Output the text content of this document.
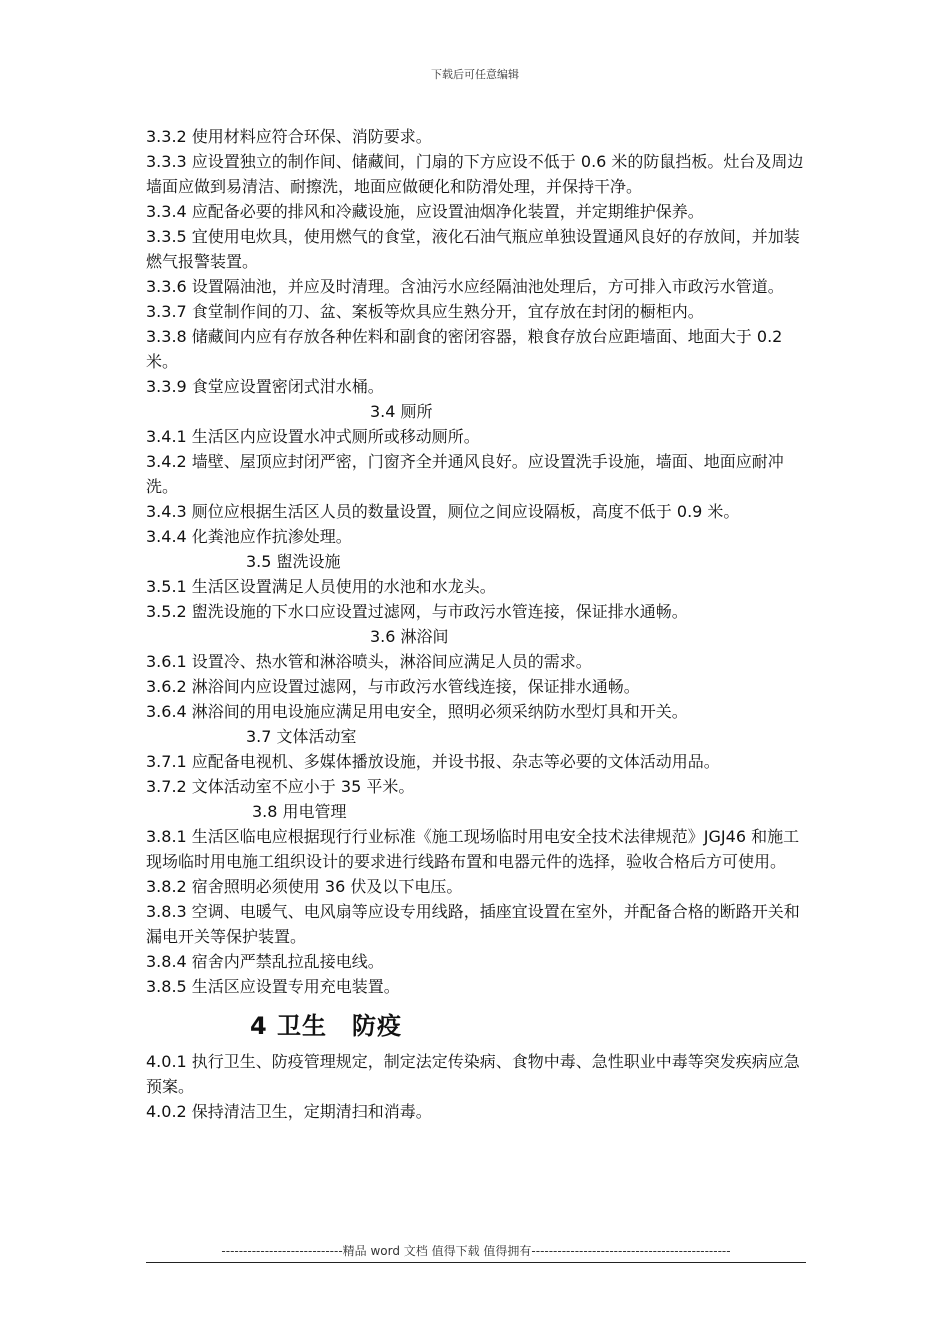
下载后可任意编辑

3.3.2 使用材料应符合环保、消防要求。

3.3.3 应设置独立的制作间、储藏间，门扇的下方应设不低于 0.6 米的防鼠挡板。灶台及周边墙面应做到易清洁、耐擦洗，地面应做硬化和防滑处理，并保持干净。

3.3.4 应配备必要的排风和冷藏设施，应设置油烟净化装置，并定期维护保养。

3.3.5 宜使用电炊具，使用燃气的食堂，液化石油气瓶应单独设置通风良好的存放间，并加装燃气报警装置。

3.3.6 设置隔油池，并应及时清理。含油污水应经隔油池处理后，方可排入市政污水管道。

3.3.7 食堂制作间的刀、盆、案板等炊具应生熟分开，宜存放在封闭的橱柜内。

3.3.8 储藏间内应有存放各种佐料和副食的密闭容器，粮食存放台应距墙面、地面大于 0.2 米。

3.3.9 食堂应设置密闭式泔水桶。

3.4 厕所

3.4.1 生活区内应设置水冲式厕所或移动厕所。

3.4.2 墙壁、屋顶应封闭严密，门窗齐全并通风良好。应设置洗手设施，墙面、地面应耐冲洗。

3.4.3 厕位应根据生活区人员的数量设置，厕位之间应设隔板，高度不低于 0.9 米。

3.4.4 化粪池应作抗渗处理。

3.5 盥洗设施

3.5.1 生活区设置满足人员使用的水池和水龙头。

3.5.2 盥洗设施的下水口应设置过滤网，与市政污水管连接，保证排水通畅。

3.6 淋浴间

3.6.1 设置冷、热水管和淋浴喷头，淋浴间应满足人员的需求。

3.6.2 淋浴间内应设置过滤网，与市政污水管线连接，保证排水通畅。

3.6.4 淋浴间的用电设施应满足用电安全，照明必须采纳防水型灯具和开关。

3.7 文体活动室

3.7.1 应配备电视机、多媒体播放设施，并设书报、杂志等必要的文体活动用品。

3.7.2 文体活动室不应小于 35 平米。

3.8 用电管理

3.8.1 生活区临电应根据现行行业标准《施工现场临时用电安全技术法律规范》JGJ46 和施工现场临时用电施工组织设计的要求进行线路布置和电器元件的选择，验收合格后方可使用。

3.8.2 宿舍照明必须使用 36 伏及以下电压。

3.8.3 空调、电暖气、电风扇等应设专用线路，插座宜设置在室外，并配备合格的断路开关和漏电开关等保护装置。

3.8.4 宿舍内严禁乱拉乱接电线。

3.8.5 生活区应设置专用充电装置。

4 卫生　防疫

4.0.1 执行卫生、防疫管理规定，制定法定传染病、食物中毒、急性职业中毒等突发疾病应急预案。

4.0.2 保持清洁卫生，定期清扫和消毒。

----------------------------精品 word 文档 值得下载 值得拥有----------------------------------------------
